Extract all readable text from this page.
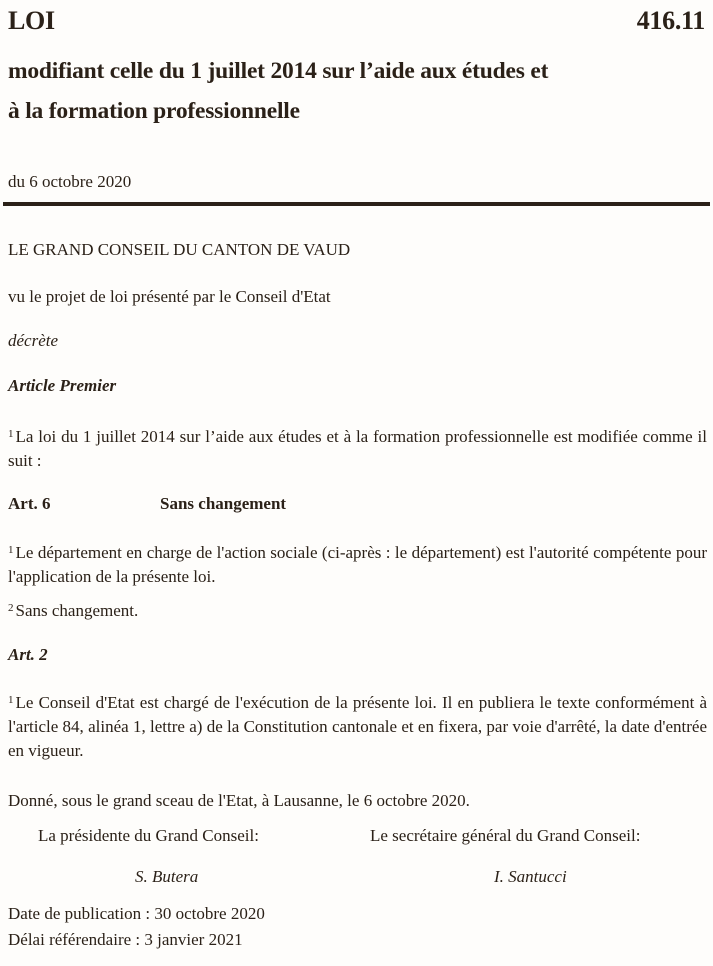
LOI	416.11
modifiant celle du 1 juillet 2014 sur l’aide aux études et
à la formation professionnelle
du 6 octobre 2020
LE GRAND CONSEIL DU CANTON DE VAUD
vu le projet de loi présenté par le Conseil d'Etat
décrète
Article Premier
$^1$ La loi du 1 juillet 2014 sur l’aide aux études et à la formation professionnelle est modifiée comme il suit :
Art. 6	Sans changement
$^1$ Le département en charge de l'action sociale (ci-après : le département) est l'autorité compétente pour l'application de la présente loi.
$^2$ Sans changement.
Art. 2
$^1$ Le Conseil d'Etat est chargé de l'exécution de la présente loi. Il en publiera le texte conformément à l'article 84, alinéa 1, lettre a) de la Constitution cantonale et en fixera, par voie d'arrêté, la date d'entrée en vigueur.
Donné, sous le grand sceau de l'Etat, à Lausanne, le 6 octobre 2020.
La présidente du Grand Conseil:	Le secrétaire général du Grand Conseil:
S. Butera	I. Santucci
Date de publication : 30 octobre 2020
Délai référendaire : 3 janvier 2021
